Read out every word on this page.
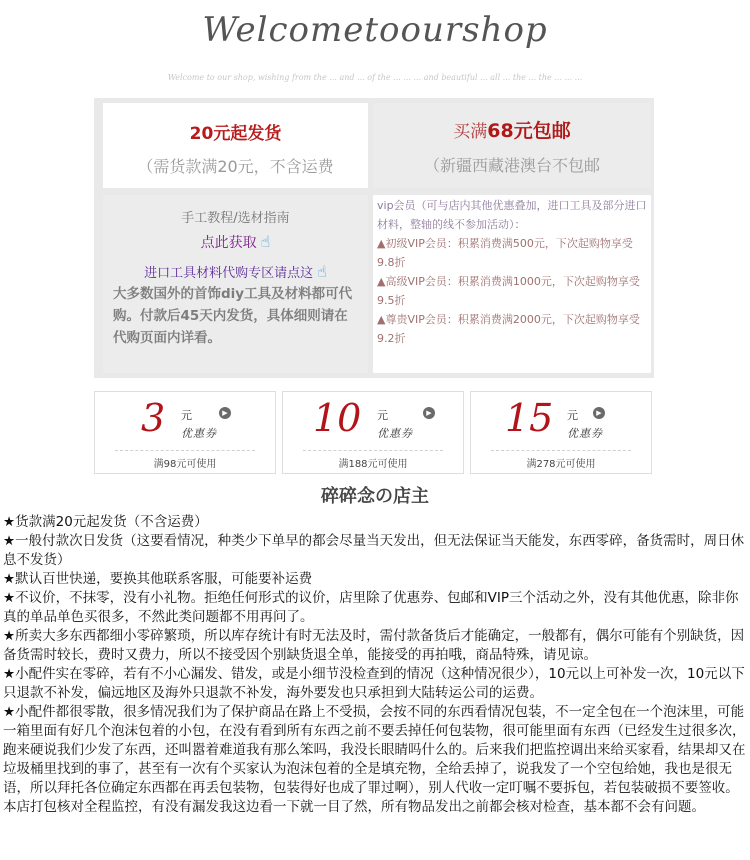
Welcometoourshop
Welcome to our shop, wishing from the ... and ... of the ... ... ... and beautiful ... all ... the ... the ... ... ...
20元起发货
（需货款满20元，不含运费
买满68元包邮
（新疆西藏港澳台不包邮
手工教程/选材指南
点此获取 ☝
进口工具材料代购专区请点这 ☝
大多数国外的首饰diy工具及材料都可代购。付款后45天内发货，具体细则请在代购页面内详看。
vip会员（可与店内其他优惠叠加，进口工具及部分进口材料，整轴的线不参加活动）：
▲初级VIP会员：积累消费满500元，下次起购物享受9.8折
▲高级VIP会员：积累消费满1000元，下次起购物享受9.5折
▲尊贵VIP会员：积累消费满2000元，下次起购物享受9.2折
3 元
优惠券
▶
满98元可使用
10 元
优惠券
▶
满188元可使用
15 元
优惠券
▶
满278元可使用
碎碎念の店主

★货款满20元起发货（不含运费）

★一般付款次日发货（这要看情况，种类少下单早的都会尽量当天发出，但无法保证当天能发，东西零碎，备货需时，周日休息不发货）

★默认百世快递，要换其他联系客服，可能要补运费

★不议价，不抹零，没有小礼物。拒绝任何形式的议价，店里除了优惠券、包邮和VIP三个活动之外，没有其他优惠，除非你真的单品单色买很多，不然此类问题都不用再问了。

★所卖大多东西都细小零碎繁琐，所以库存统计有时无法及时，需付款备货后才能确定，一般都有，偶尔可能有个别缺货，因备货需时较长，费时又费力，所以不接受因个别缺货退全单，能接受的再拍哦，商品特殊，请见谅。

★小配件实在零碎，若有不小心漏发、错发，或是小细节没检查到的情况（这种情况很少），10元以上可补发一次，10元以下只退款不补发，偏远地区及海外只退款不补发，海外要发也只承担到大陆转运公司的运费。

★小配件都很零散，很多情况我们为了保护商品在路上不受损，会按不同的东西看情况包装，不一定全包在一个泡沫里，可能一箱里面有好几个泡沫包着的小包，在没有看到所有东西之前不要丢掉任何包装物，很可能里面有东西（已经发生过很多次，跑来硬说我们少发了东西，还叫嚣着难道我有那么笨吗，我没长眼睛吗什么的。后来我们把监控调出来给买家看，结果却又在垃圾桶里找到的事了，甚至有一次有个买家认为泡沫包着的全是填充物，全给丢掉了，说我发了一个空包给她，我也是很无语，所以拜托各位确定东西都在再丢包装物，包装得好也成了罪过啊），别人代收一定叮嘱不要拆包，若包装破损不要签收。本店打包核对全程监控，有没有漏发我这边看一下就一目了然，所有物品发出之前都会核对检查，基本都不会有问题。
